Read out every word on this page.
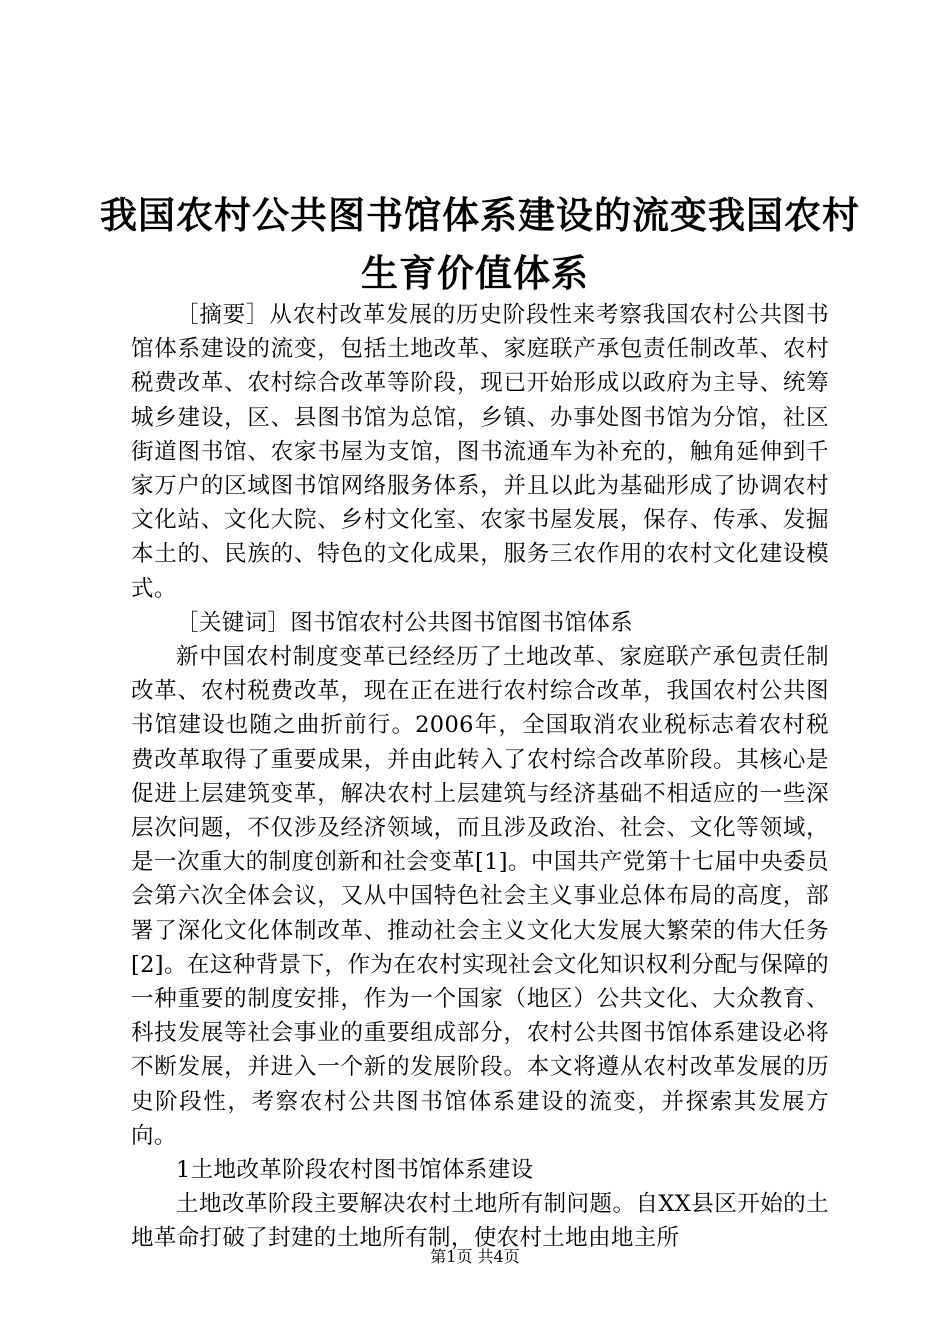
我国农村公共图书馆体系建设的流变我国农村
生育价值体系

［摘要］从农村改革发展的历史阶段性来考察我国农村公共图书馆体系建设的流变，包括土地改革、家庭联产承包责任制改革、农村税费改革、农村综合改革等阶段，现已开始形成以政府为主导、统筹城乡建设，区、县图书馆为总馆，乡镇、办事处图书馆为分馆，社区街道图书馆、农家书屋为支馆，图书流通车为补充的，触角延伸到千家万户的区域图书馆网络服务体系，并且以此为基础形成了协调农村文化站、文化大院、乡村文化室、农家书屋发展，保存、传承、发掘本土的、民族的、特色的文化成果，服务三农作用的农村文化建设模式。

［关键词］图书馆农村公共图书馆图书馆体系

新中国农村制度变革已经经历了土地改革、家庭联产承包责任制改革、农村税费改革，现在正在进行农村综合改革，我国农村公共图书馆建设也随之曲折前行。2006年，全国取消农业税标志着农村税费改革取得了重要成果，并由此转入了农村综合改革阶段。其核心是促进上层建筑变革，解决农村上层建筑与经济基础不相适应的一些深层次问题，不仅涉及经济领域，而且涉及政治、社会、文化等领域，是一次重大的制度创新和社会变革[1]。中国共产党第十七届中央委员会第六次全体会议，又从中国特色社会主义事业总体布局的高度，部署了深化文化体制改革、推动社会主义文化大发展大繁荣的伟大任务[2]。在这种背景下，作为在农村实现社会文化知识权利分配与保障的一种重要的制度安排，作为一个国家（地区）公共文化、大众教育、科技发展等社会事业的重要组成部分，农村公共图书馆体系建设必将不断发展，并进入一个新的发展阶段。本文将遵从农村改革发展的历史阶段性，考察农村公共图书馆体系建设的流变，并探索其发展方向。

1土地改革阶段农村图书馆体系建设

土地改革阶段主要解决农村土地所有制问题。自XX县区开始的土地革命打破了封建的土地所有制，使农村土地由地主所

第1页 共4页
